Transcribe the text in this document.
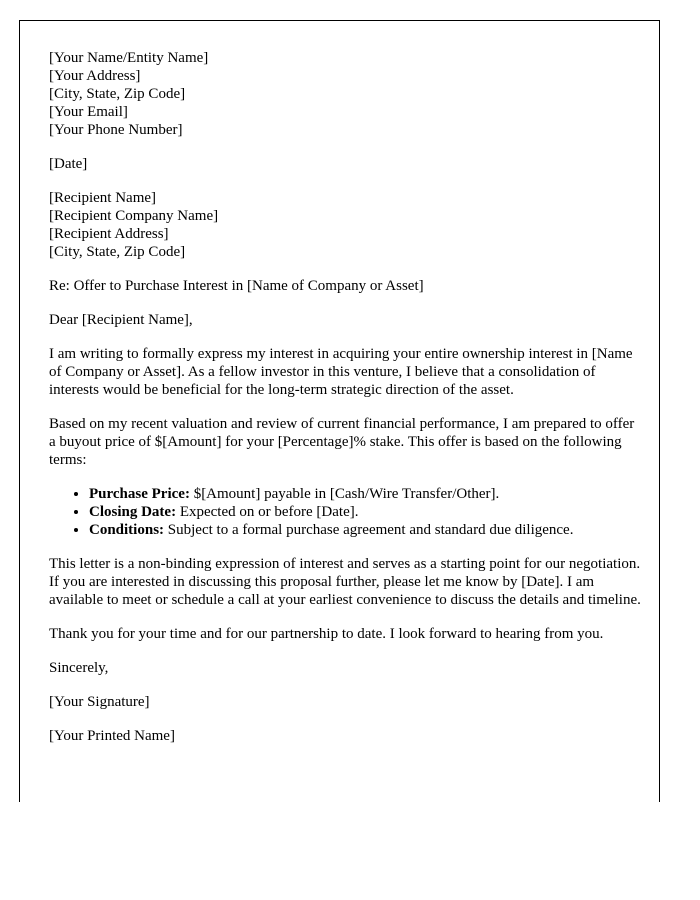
[Your Name/Entity Name]
[Your Address]
[City, State, Zip Code]
[Your Email]
[Your Phone Number]
[Date]
[Recipient Name]
[Recipient Company Name]
[Recipient Address]
[City, State, Zip Code]

Re: Offer to Purchase Interest in [Name of Company or Asset]

Dear [Recipient Name],

I am writing to formally express my interest in acquiring your entire ownership interest in [Name of Company or Asset]. As a fellow investor in this venture, I believe that a consolidation of interests would be beneficial for the long-term strategic direction of the asset.

Based on my recent valuation and review of current financial performance, I am prepared to offer a buyout price of $[Amount] for your [Percentage]% stake. This offer is based on the following terms:

• Purchase Price: $[Amount] payable in [Cash/Wire Transfer/Other].
• Closing Date: Expected on or before [Date].
• Conditions: Subject to a formal purchase agreement and standard due diligence.

This letter is a non-binding expression of interest and serves as a starting point for our negotiation. If you are interested in discussing this proposal further, please let me know by [Date]. I am available to meet or schedule a call at your earliest convenience to discuss the details and timeline.

Thank you for your time and for our partnership to date. I look forward to hearing from you.

Sincerely,

[Your Signature]

[Your Printed Name]
